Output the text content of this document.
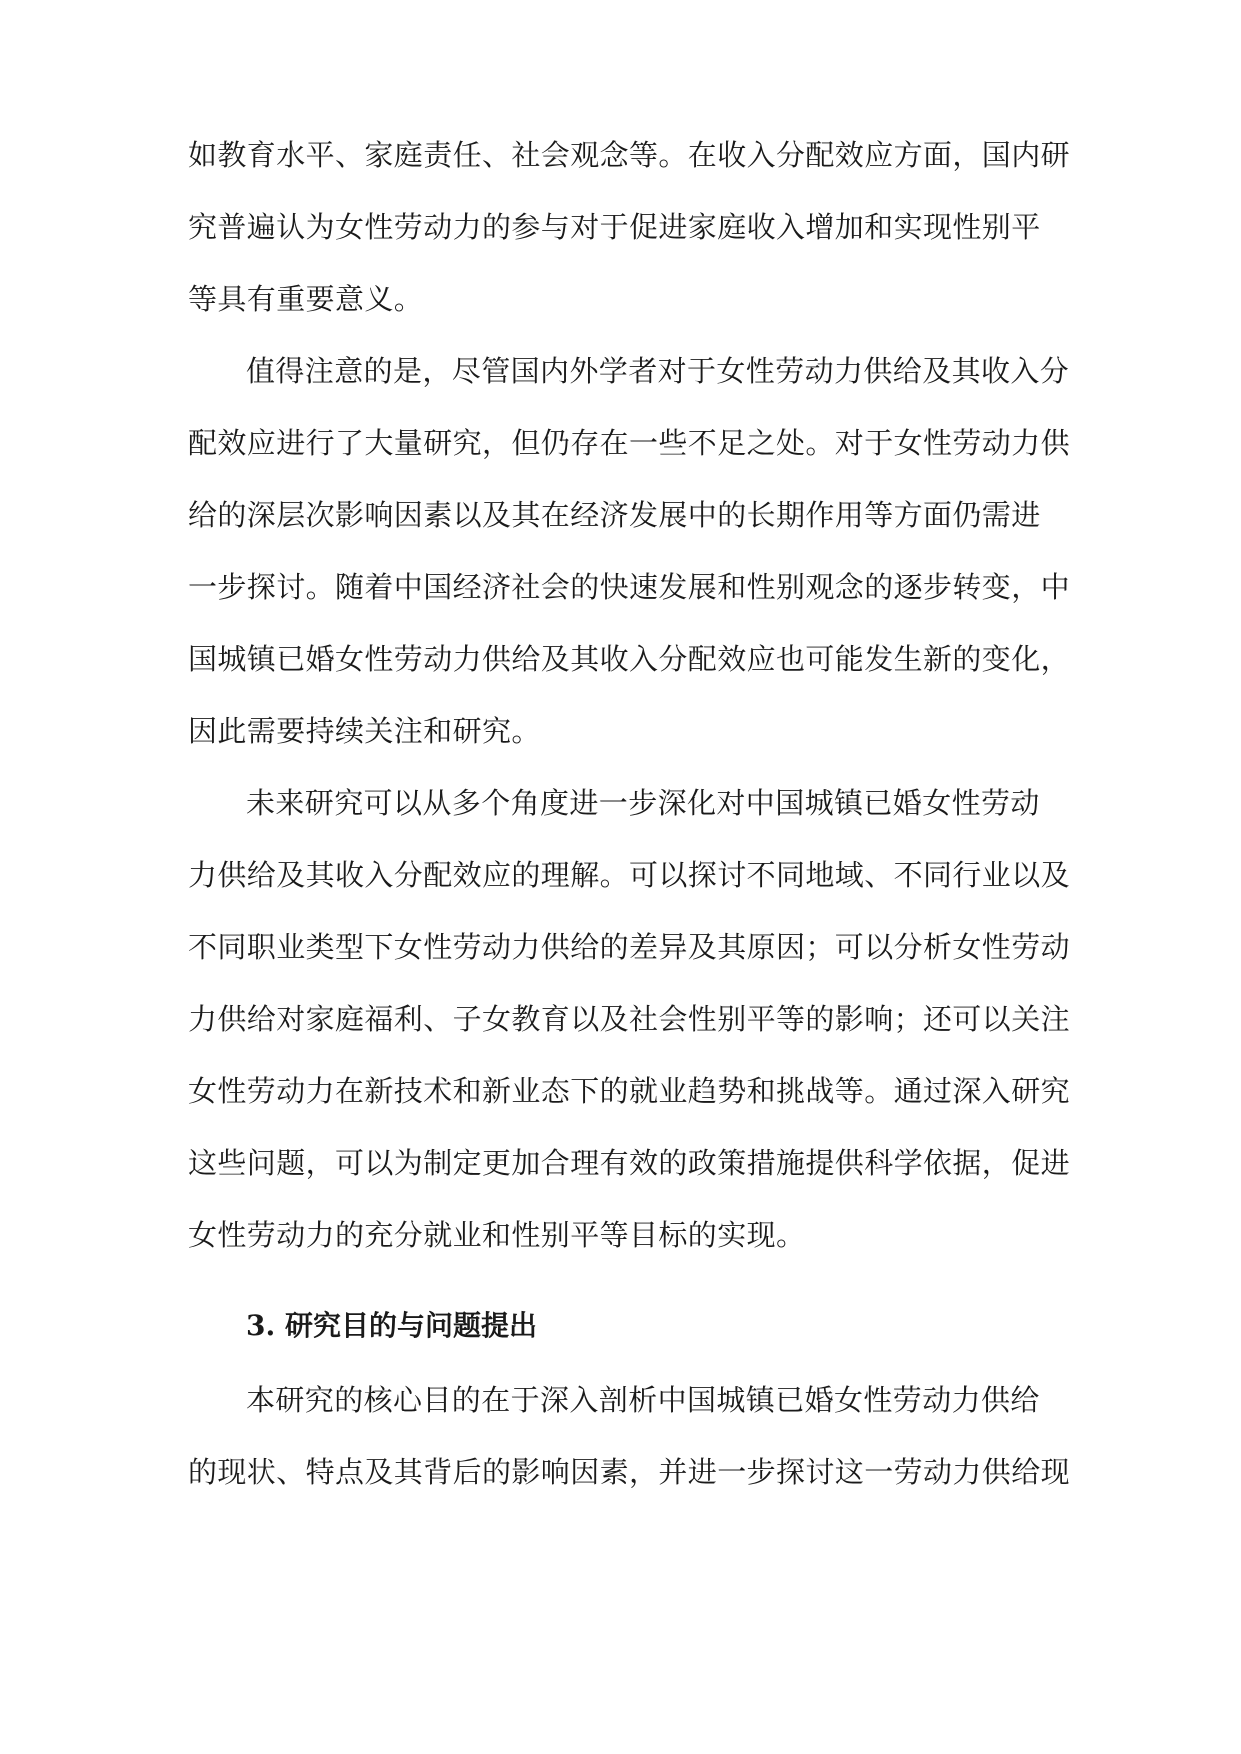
如教育水平、家庭责任、社会观念等。在收入分配效应方面，国内研
究普遍认为女性劳动力的参与对于促进家庭收入增加和实现性别平
等具有重要意义。
值得注意的是，尽管国内外学者对于女性劳动力供给及其收入分
配效应进行了大量研究，但仍存在一些不足之处。对于女性劳动力供
给的深层次影响因素以及其在经济发展中的长期作用等方面仍需进
一步探讨。随着中国经济社会的快速发展和性别观念的逐步转变，中
国城镇已婚女性劳动力供给及其收入分配效应也可能发生新的变化，
因此需要持续关注和研究。
未来研究可以从多个角度进一步深化对中国城镇已婚女性劳动
力供给及其收入分配效应的理解。可以探讨不同地域、不同行业以及
不同职业类型下女性劳动力供给的差异及其原因；可以分析女性劳动
力供给对家庭福利、子女教育以及社会性别平等的影响；还可以关注
女性劳动力在新技术和新业态下的就业趋势和挑战等。通过深入研究
这些问题，可以为制定更加合理有效的政策措施提供科学依据，促进
女性劳动力的充分就业和性别平等目标的实现。
3. 研究目的与问题提出
本研究的核心目的在于深入剖析中国城镇已婚女性劳动力供给
的现状、特点及其背后的影响因素，并进一步探讨这一劳动力供给现
